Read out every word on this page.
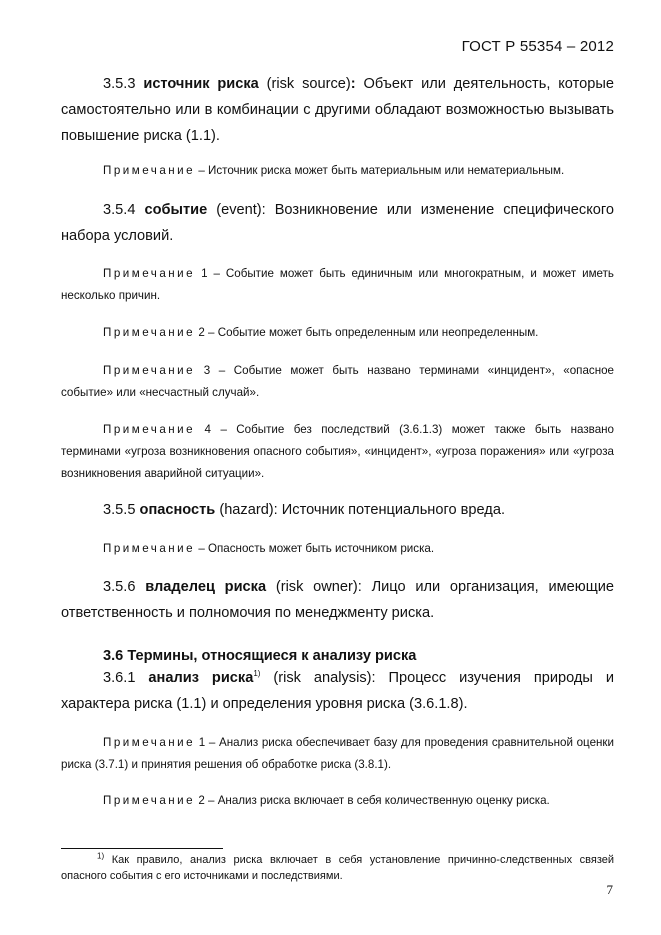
ГОСТ Р 55354 – 2012

3.5.3 источник риска (risk source): Объект или деятельность, которые самостоятельно или в комбинации с другими обладают возможностью вызывать повышение риска (1.1).

Примечание – Источник риска может быть материальным или нематериальным.

3.5.4 событие (event): Возникновение или изменение специфического набора условий.

Примечание 1 – Событие может быть единичным или многократным, и может иметь несколько причин.

Примечание 2 – Событие может быть определенным или неопределенным.

Примечание 3 – Событие может быть названо терминами «инцидент», «опасное событие» или «несчастный случай».

Примечание 4 – Событие без последствий (3.6.1.3) может также быть названо терминами «угроза возникновения опасного события», «инцидент», «угроза поражения» или «угроза возникновения аварийной ситуации».

3.5.5 опасность (hazard): Источник потенциального вреда.

Примечание – Опасность может быть источником риска.

3.5.6 владелец риска (risk owner): Лицо или организация, имеющие ответственность и полномочия по менеджменту риска.

3.6 Термины, относящиеся к анализу риска

3.6.1 анализ риска$^{1)}$ (risk analysis): Процесс изучения природы и характера риска (1.1) и определения уровня риска (3.6.1.8).

Примечание 1 – Анализ риска обеспечивает базу для проведения сравнительной оценки риска (3.7.1) и принятия решения об обработке риска (3.8.1).

Примечание 2 – Анализ риска включает в себя количественную оценку риска.

$^{1)}$ Как правило, анализ риска включает в себя установление причинно-следственных связей опасного события с его источниками и последствиями.

7
